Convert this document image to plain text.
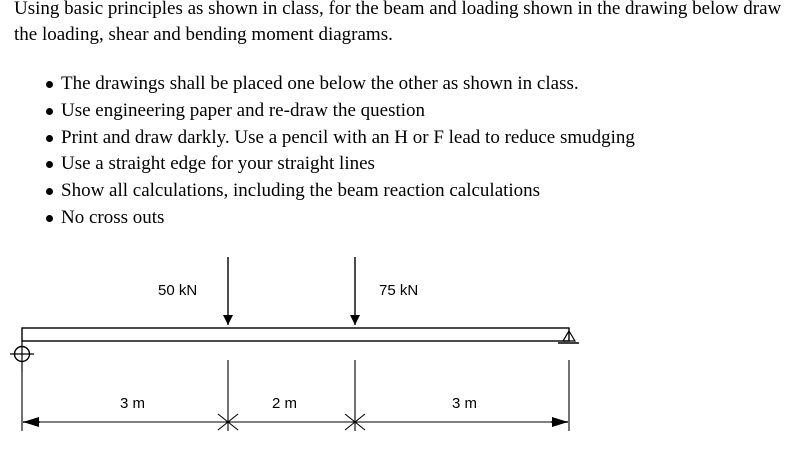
Using basic principles as shown in class, for the beam and loading shown in the drawing below draw the loading, shear and bending moment diagrams.

The drawings shall be placed one below the other as shown in class.
Use engineering paper and re-draw the question
Print and draw darkly. Use a pencil with an H or F lead to reduce smudging
Use a straight edge for your straight lines
Show all calculations, including the beam reaction calculations
No cross outs
50 kN	75 kN
3 m	2 m	3 m
